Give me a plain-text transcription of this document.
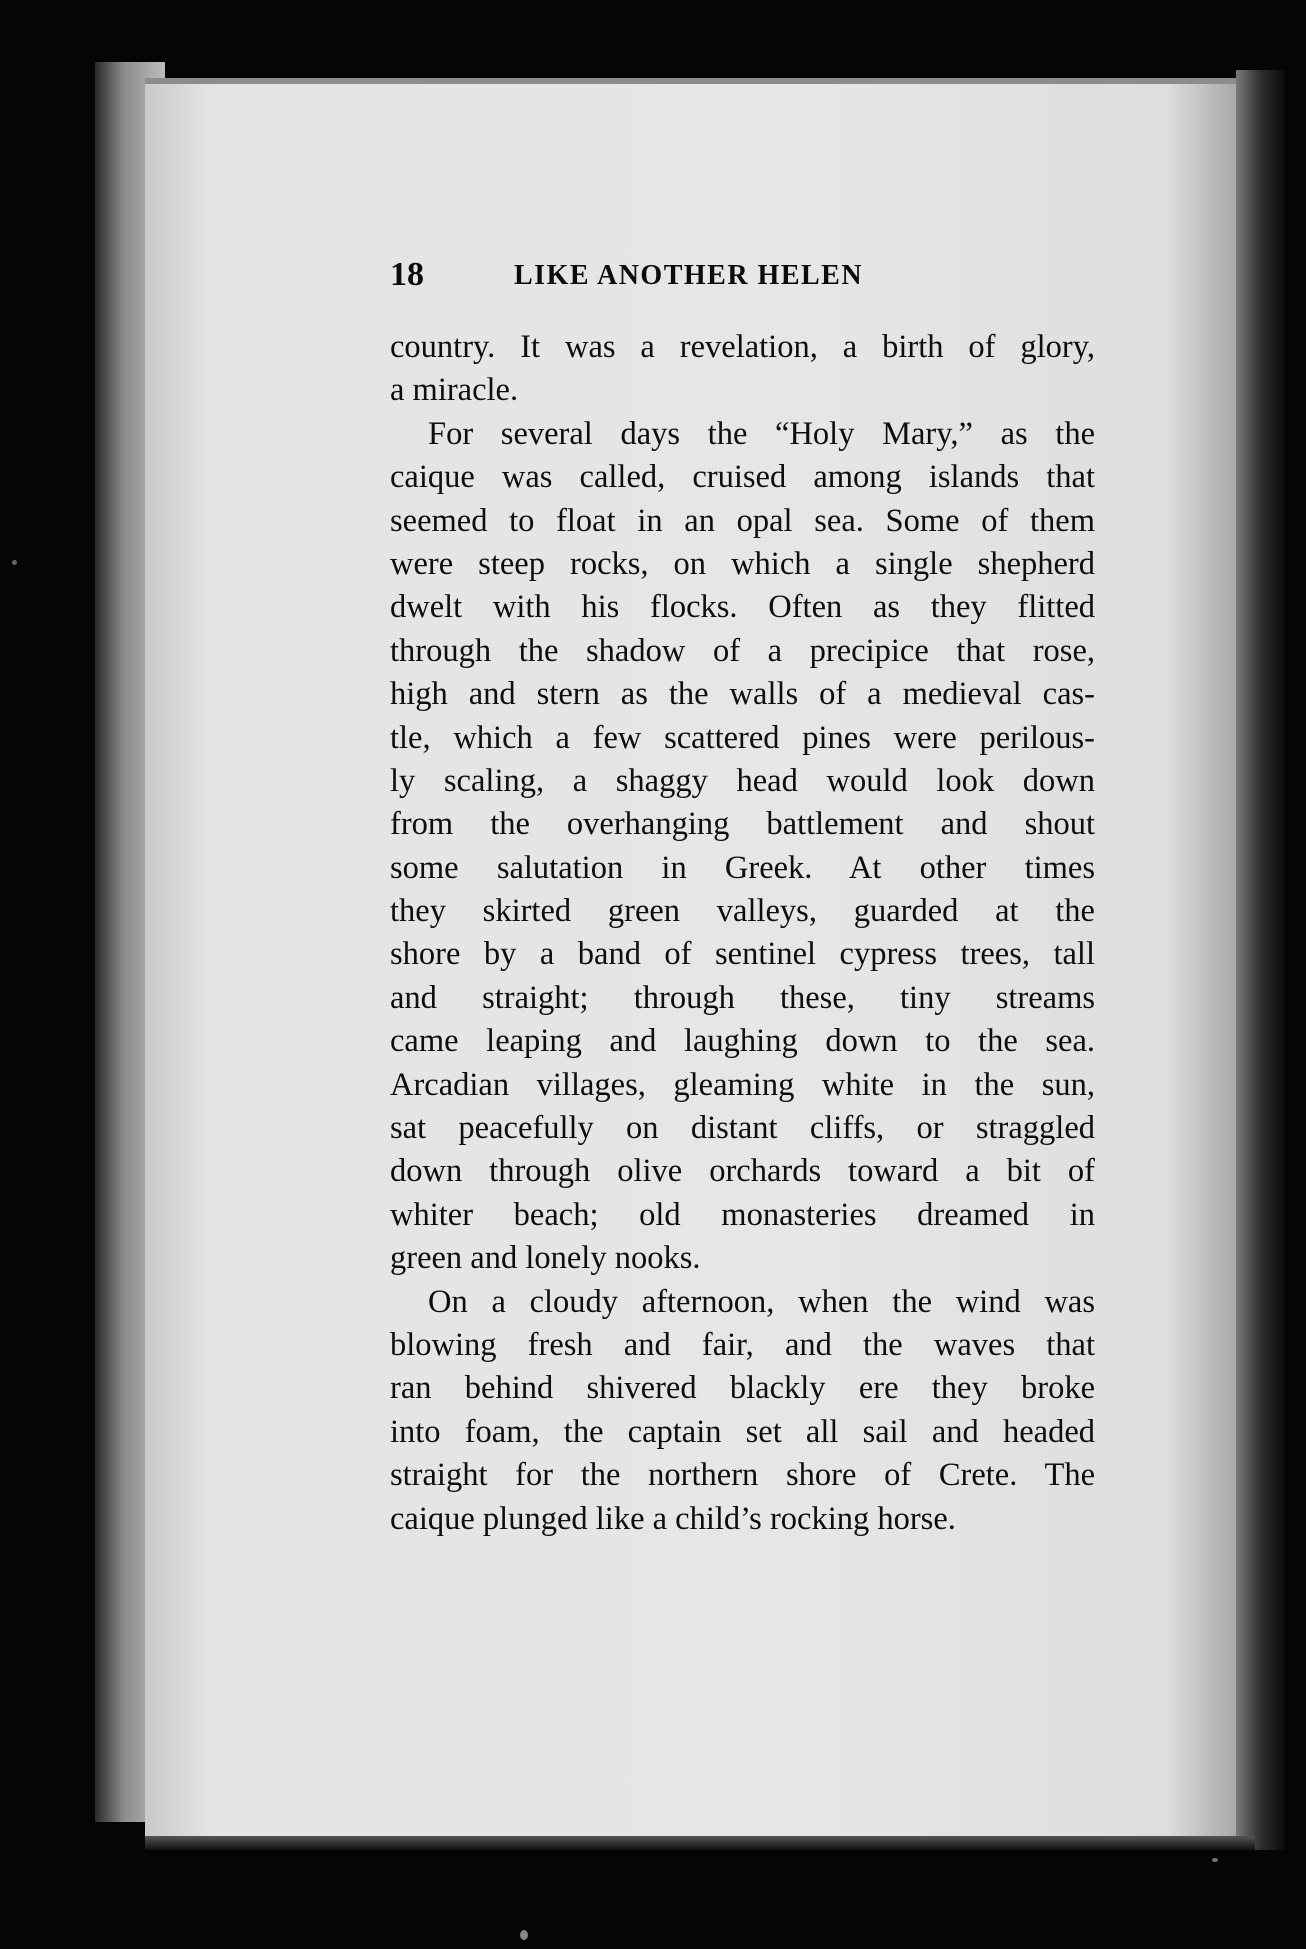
18	LIKE ANOTHER HELEN
country. It was a revelation, a birth of glory,
a miracle.
For several days the “Holy Mary,” as the
caique was called, cruised among islands that
seemed to float in an opal sea. Some of them
were steep rocks, on which a single shepherd
dwelt with his flocks. Often as they flitted
through the shadow of a precipice that rose,
high and stern as the walls of a medieval cas-
tle, which a few scattered pines were perilous-
ly scaling, a shaggy head would look down
from the overhanging battlement and shout
some salutation in Greek. At other times
they skirted green valleys, guarded at the
shore by a band of sentinel cypress trees, tall
and straight; through these, tiny streams
came leaping and laughing down to the sea.
Arcadian villages, gleaming white in the sun,
sat peacefully on distant cliffs, or straggled
down through olive orchards toward a bit of
whiter beach; old monasteries dreamed in
green and lonely nooks.
On a cloudy afternoon, when the wind was
blowing fresh and fair, and the waves that
ran behind shivered blackly ere they broke
into foam, the captain set all sail and headed
straight for the northern shore of Crete. The
caique plunged like a child’s rocking horse.
